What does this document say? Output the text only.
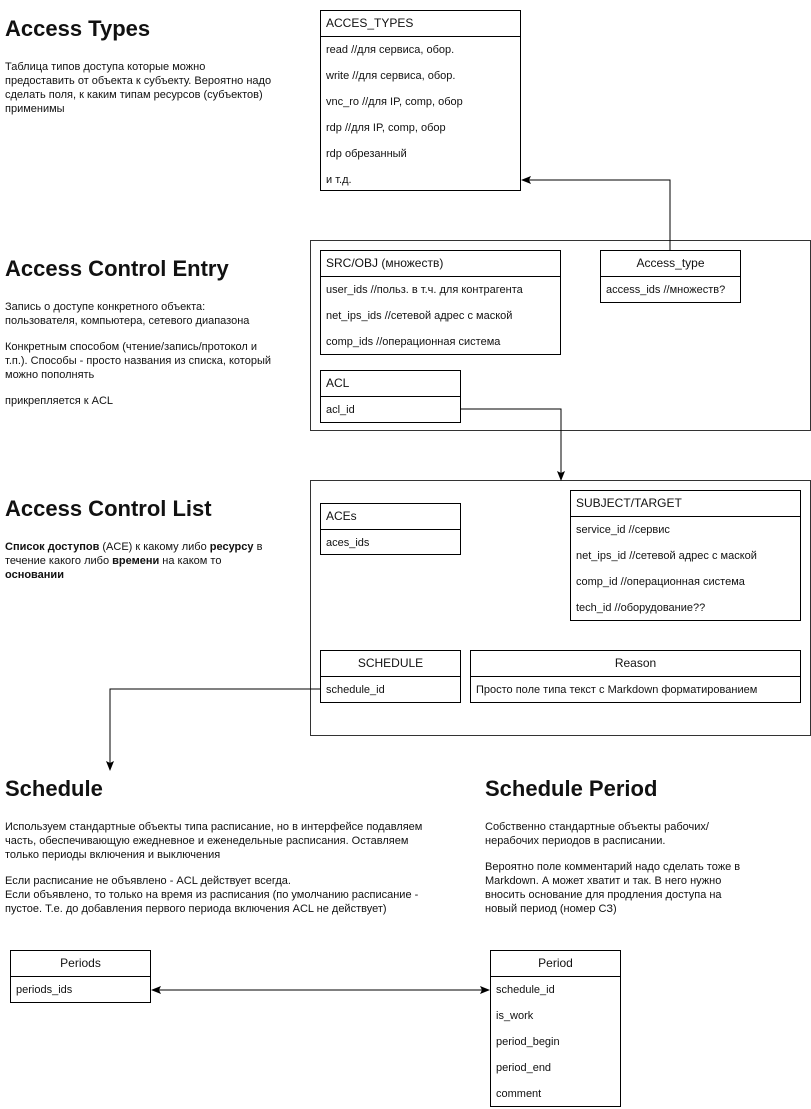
Access Types

Таблица типов доступа которые можно предоставить от объекта к субъекту. Вероятно надо сделать поля, к каким типам ресурсов (субъектов) применимы

ACCES_TYPES
read //для сервиса, обор.
write //для сервиса, обор.
vnc_ro //для IP, comp, обор
rdp //для IP, comp, обор
rdp обрезанный
и т.д.
Access Control Entry

Запись о доступе конкретного объекта: пользователя, компьютера, сетевого диапазона

Конкретным способом (чтение/запись/протокол и т.п.). Способы - просто названия из списка, который можно пополнять

прикрепляется к ACL

SRC/OBJ (множеств)
user_ids //польз. в т.ч. для контрагента
net_ips_ids //сетевой адрес с маской
comp_ids //операционная система
Access_type
access_ids //множеств?
ACL
acl_id
Access Control List

Список доступов (ACE) к какому либо ресурсу в течение какого либо времени на каком то основании

ACEs
aces_ids
SUBJECT/TARGET
service_id //сервис
net_ips_id //сетевой адрес с маской
comp_id //операционная система
tech_id //оборудование??
SCHEDULE
schedule_id
Reason
Просто поле типа текст с Markdown форматированием
Schedule

Используем стандартные объекты типа расписание, но в интерфейсе подавляем часть, обеспечивающую ежедневное и еженедельные расписания. Оставляем только периоды включения и выключения

Если расписание не объявлено - ACL действует всегда.

Если объявлено, то только на время из расписания (по умолчанию расписание - пустое. Т.е. до добавления первого периода включения ACL не действует)

Periods
periods_ids
Schedule Period

Собственно стандартные объекты рабочих/нерабочих периодов в расписании.

Вероятно поле комментарий надо сделать тоже в Markdown. А может хватит и так. В него нужно вносить основание для продления доступа на новый период (номер СЗ)

Period
schedule_id
is_work
period_begin
period_end
comment
